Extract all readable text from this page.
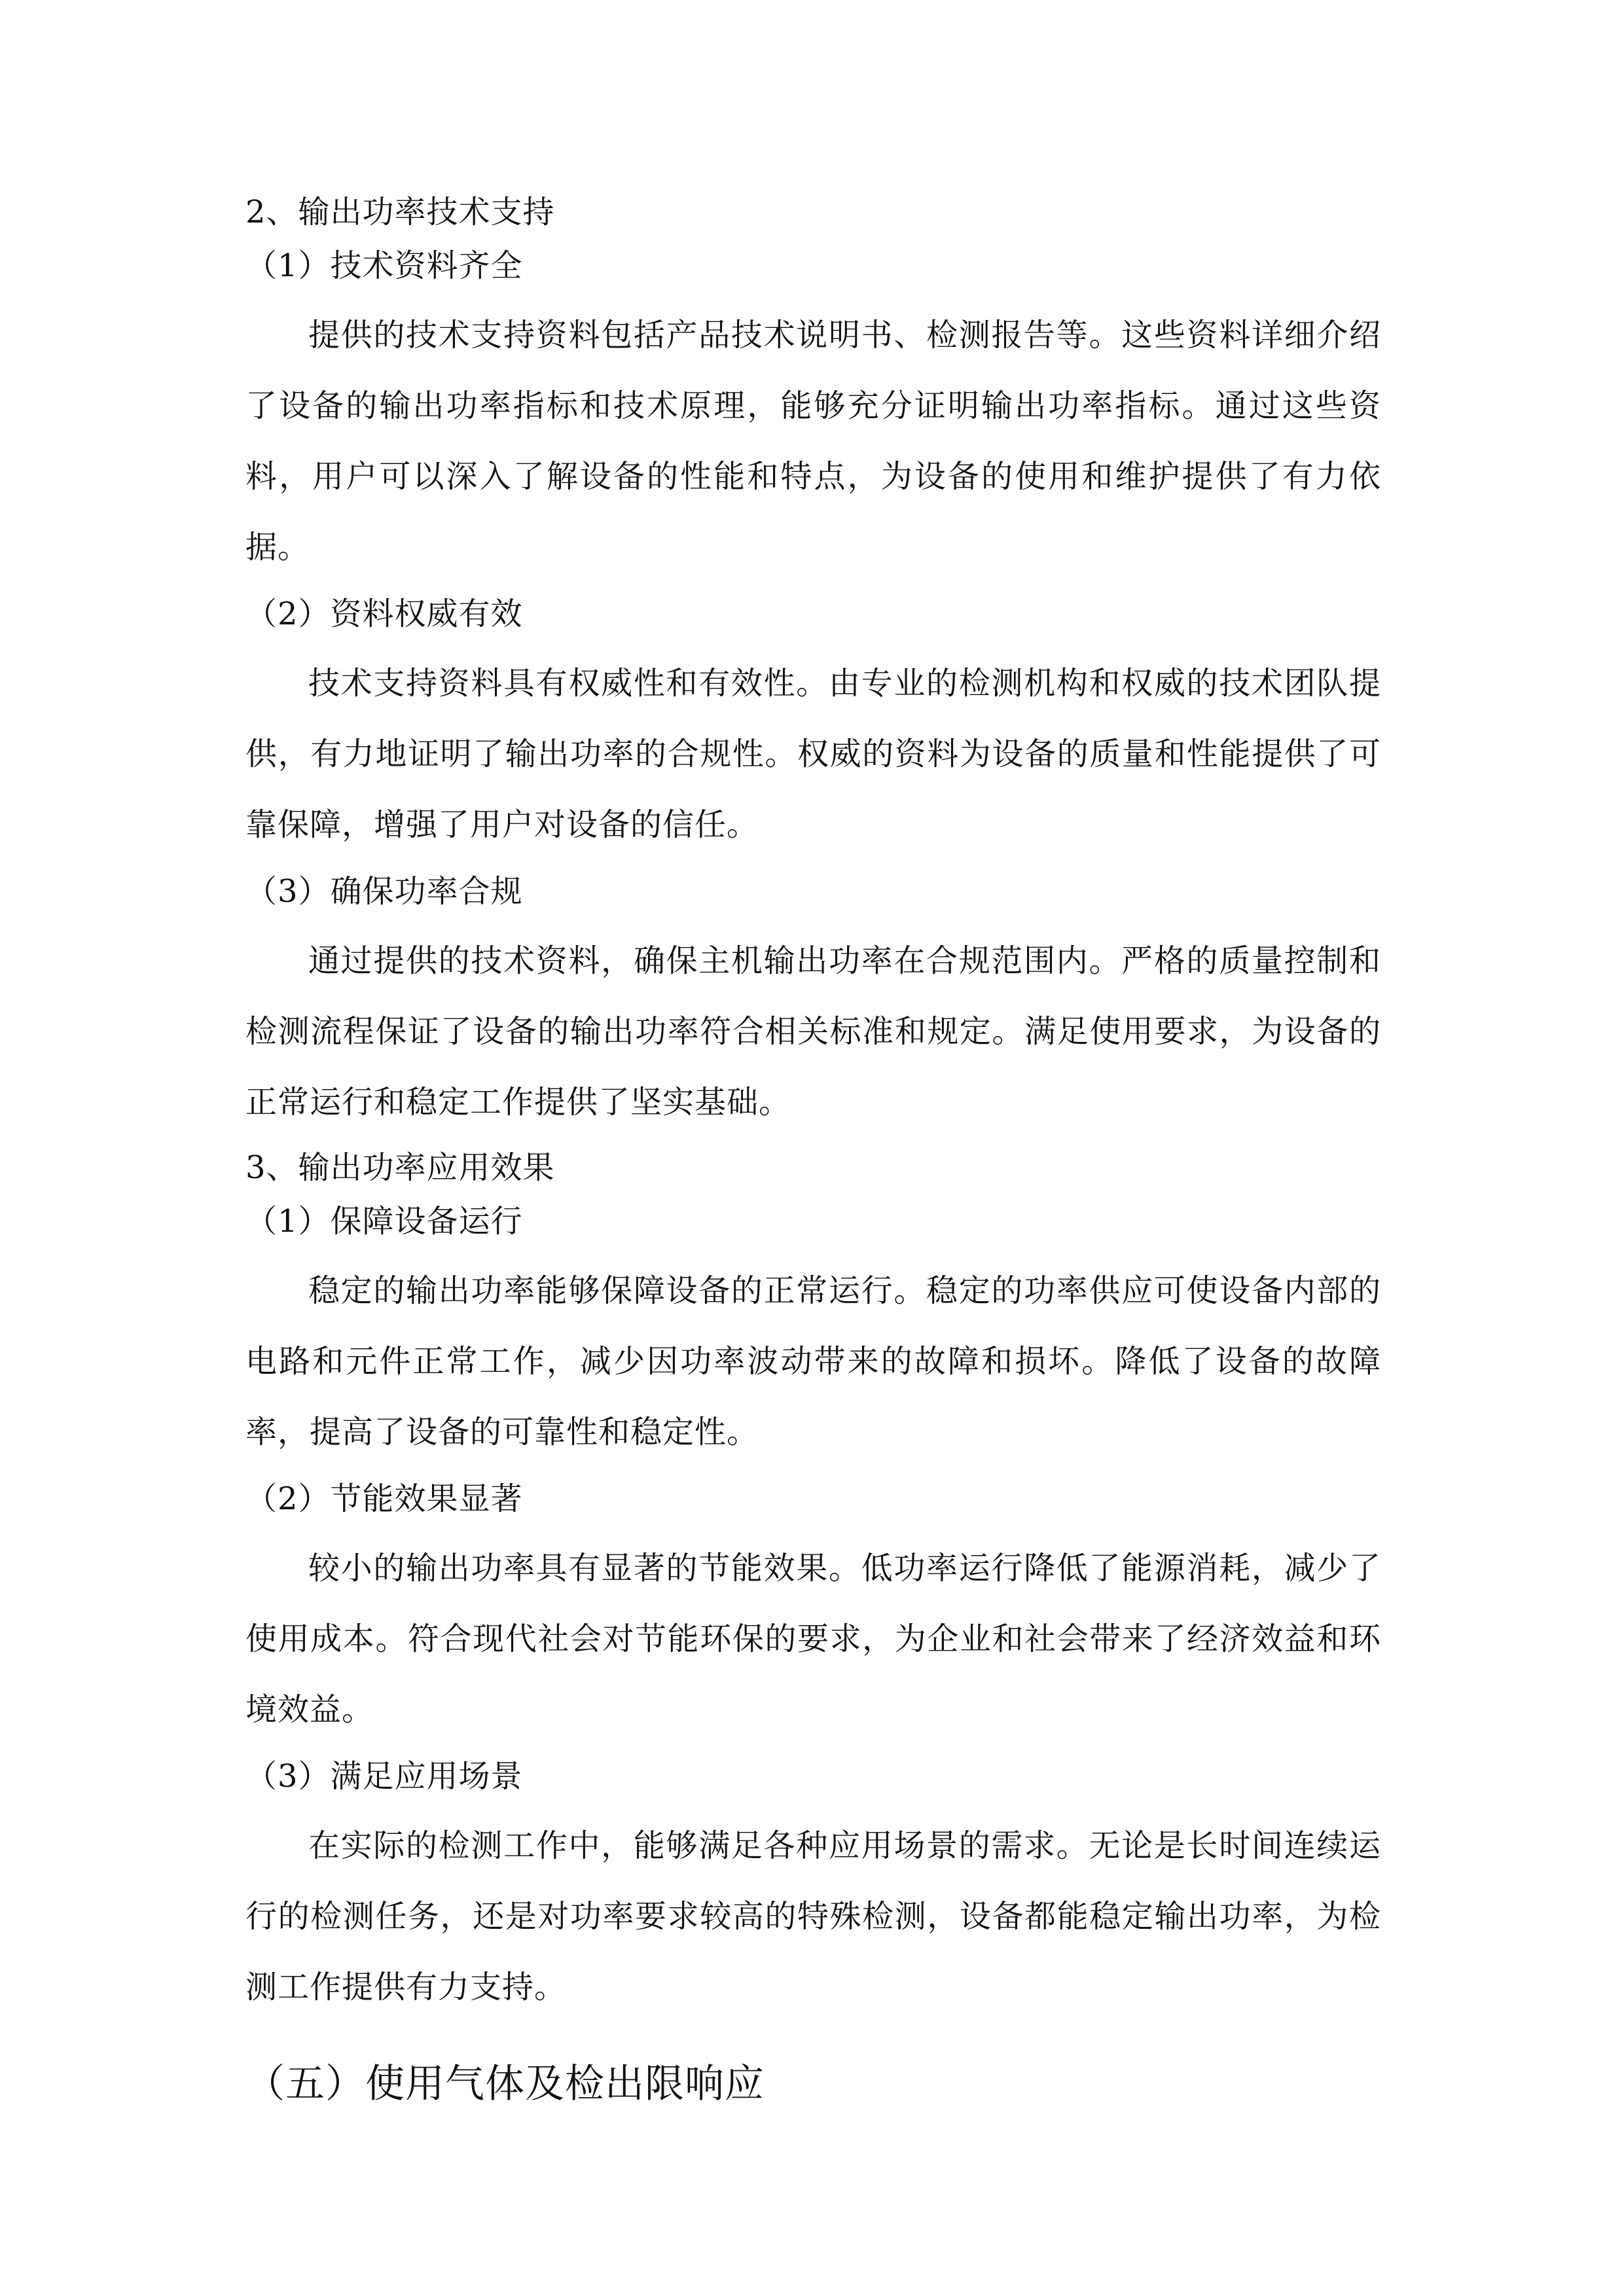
2、输出功率技术支持

（1）技术资料齐全

提供的技术支持资料包括产品技术说明书、检测报告等。这些资料详细介绍了设备的输出功率指标和技术原理，能够充分证明输出功率指标。通过这些资料，用户可以深入了解设备的性能和特点，为设备的使用和维护提供了有力依据。

（2）资料权威有效

技术支持资料具有权威性和有效性。由专业的检测机构和权威的技术团队提供，有力地证明了输出功率的合规性。权威的资料为设备的质量和性能提供了可靠保障，增强了用户对设备的信任。

（3）确保功率合规

通过提供的技术资料，确保主机输出功率在合规范围内。严格的质量控制和检测流程保证了设备的输出功率符合相关标准和规定。满足使用要求，为设备的正常运行和稳定工作提供了坚实基础。

3、输出功率应用效果

（1）保障设备运行

稳定的输出功率能够保障设备的正常运行。稳定的功率供应可使设备内部的电路和元件正常工作，减少因功率波动带来的故障和损坏。降低了设备的故障率，提高了设备的可靠性和稳定性。

（2）节能效果显著

较小的输出功率具有显著的节能效果。低功率运行降低了能源消耗，减少了使用成本。符合现代社会对节能环保的要求，为企业和社会带来了经济效益和环境效益。

（3）满足应用场景

在实际的检测工作中，能够满足各种应用场景的需求。无论是长时间连续运行的检测任务，还是对功率要求较高的特殊检测，设备都能稳定输出功率，为检测工作提供有力支持。

（五）使用气体及检出限响应
